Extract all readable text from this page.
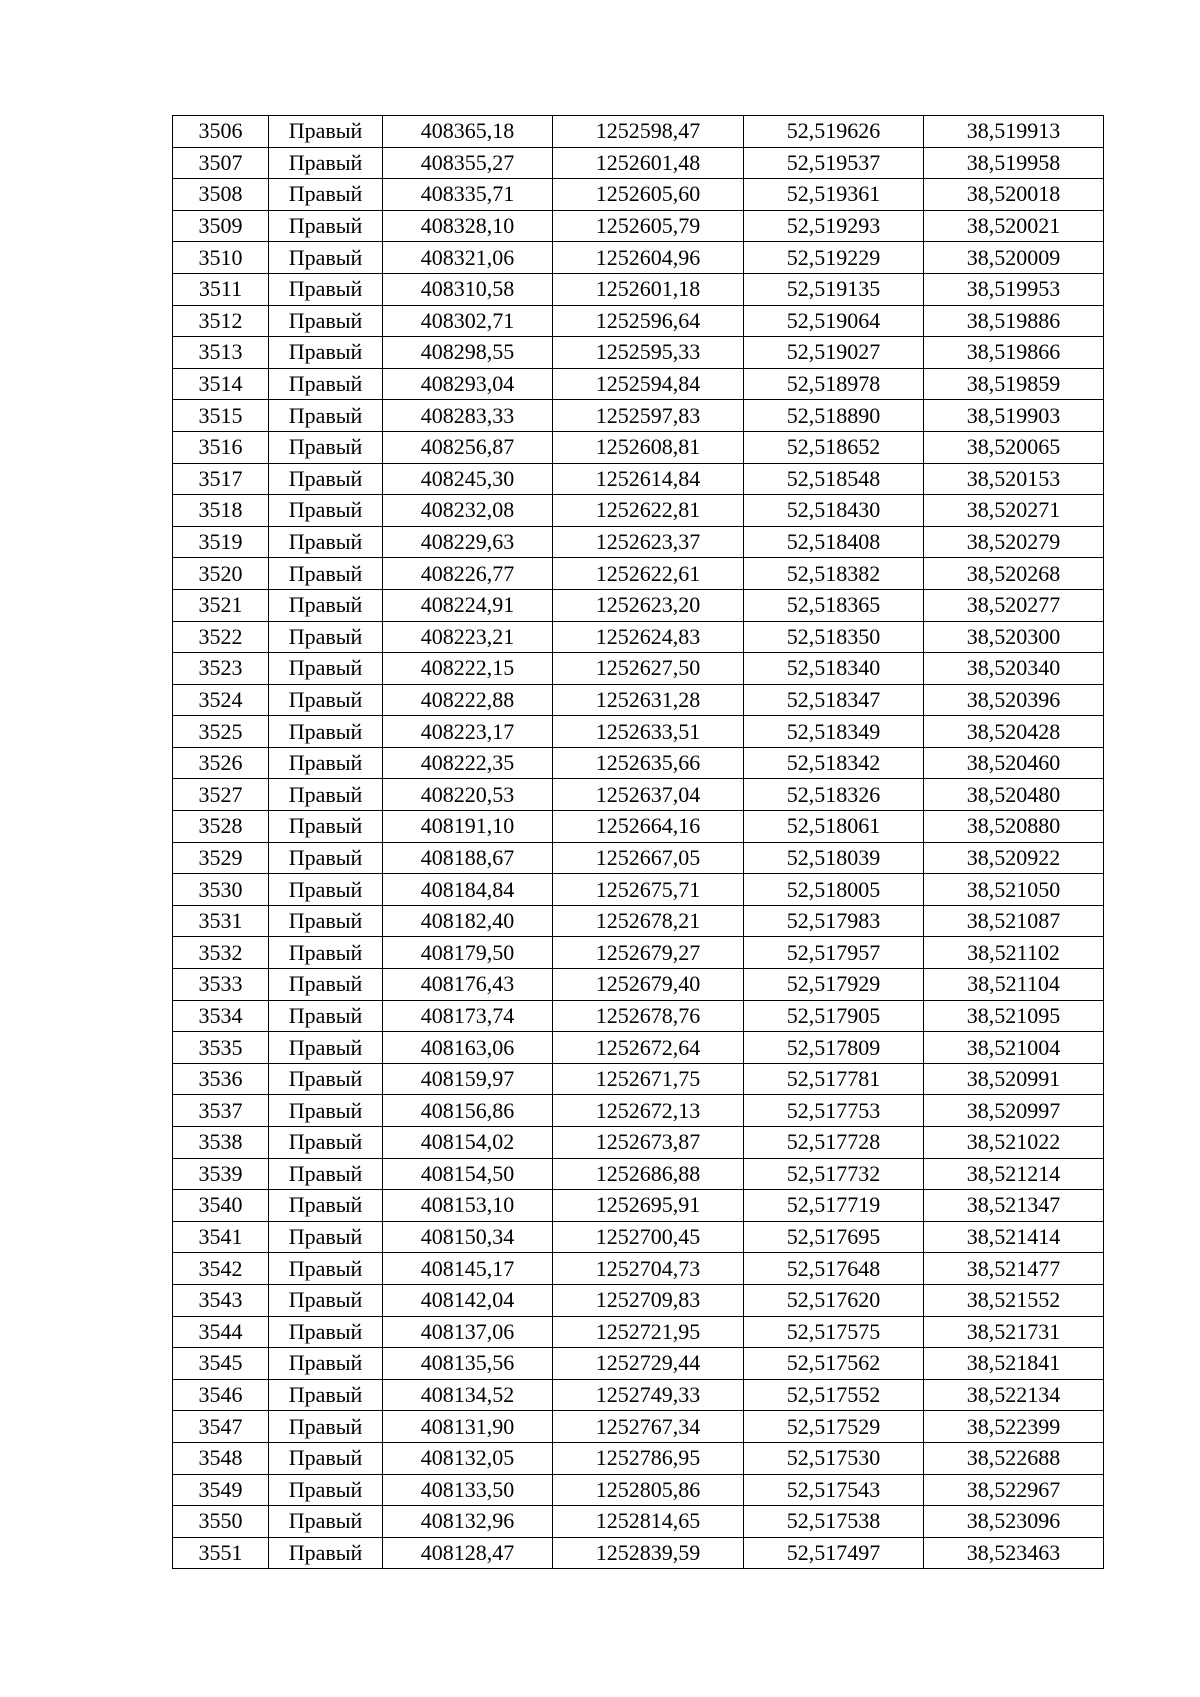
3506	Правый	408365,18	1252598,47	52,519626	38,519913
3507	Правый	408355,27	1252601,48	52,519537	38,519958
3508	Правый	408335,71	1252605,60	52,519361	38,520018
3509	Правый	408328,10	1252605,79	52,519293	38,520021
3510	Правый	408321,06	1252604,96	52,519229	38,520009
3511	Правый	408310,58	1252601,18	52,519135	38,519953
3512	Правый	408302,71	1252596,64	52,519064	38,519886
3513	Правый	408298,55	1252595,33	52,519027	38,519866
3514	Правый	408293,04	1252594,84	52,518978	38,519859
3515	Правый	408283,33	1252597,83	52,518890	38,519903
3516	Правый	408256,87	1252608,81	52,518652	38,520065
3517	Правый	408245,30	1252614,84	52,518548	38,520153
3518	Правый	408232,08	1252622,81	52,518430	38,520271
3519	Правый	408229,63	1252623,37	52,518408	38,520279
3520	Правый	408226,77	1252622,61	52,518382	38,520268
3521	Правый	408224,91	1252623,20	52,518365	38,520277
3522	Правый	408223,21	1252624,83	52,518350	38,520300
3523	Правый	408222,15	1252627,50	52,518340	38,520340
3524	Правый	408222,88	1252631,28	52,518347	38,520396
3525	Правый	408223,17	1252633,51	52,518349	38,520428
3526	Правый	408222,35	1252635,66	52,518342	38,520460
3527	Правый	408220,53	1252637,04	52,518326	38,520480
3528	Правый	408191,10	1252664,16	52,518061	38,520880
3529	Правый	408188,67	1252667,05	52,518039	38,520922
3530	Правый	408184,84	1252675,71	52,518005	38,521050
3531	Правый	408182,40	1252678,21	52,517983	38,521087
3532	Правый	408179,50	1252679,27	52,517957	38,521102
3533	Правый	408176,43	1252679,40	52,517929	38,521104
3534	Правый	408173,74	1252678,76	52,517905	38,521095
3535	Правый	408163,06	1252672,64	52,517809	38,521004
3536	Правый	408159,97	1252671,75	52,517781	38,520991
3537	Правый	408156,86	1252672,13	52,517753	38,520997
3538	Правый	408154,02	1252673,87	52,517728	38,521022
3539	Правый	408154,50	1252686,88	52,517732	38,521214
3540	Правый	408153,10	1252695,91	52,517719	38,521347
3541	Правый	408150,34	1252700,45	52,517695	38,521414
3542	Правый	408145,17	1252704,73	52,517648	38,521477
3543	Правый	408142,04	1252709,83	52,517620	38,521552
3544	Правый	408137,06	1252721,95	52,517575	38,521731
3545	Правый	408135,56	1252729,44	52,517562	38,521841
3546	Правый	408134,52	1252749,33	52,517552	38,522134
3547	Правый	408131,90	1252767,34	52,517529	38,522399
3548	Правый	408132,05	1252786,95	52,517530	38,522688
3549	Правый	408133,50	1252805,86	52,517543	38,522967
3550	Правый	408132,96	1252814,65	52,517538	38,523096
3551	Правый	408128,47	1252839,59	52,517497	38,523463
